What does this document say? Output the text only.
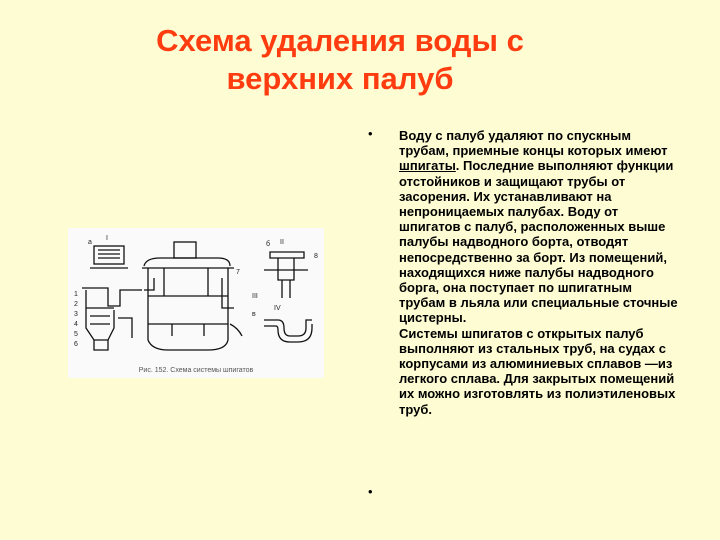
Схема удаления воды с
верхних палуб
I
II
III
IV
a	б
в
1
2
3
4
5
6
7
8
Рис. 152. Схема системы шпигатов
•
•

Воду с палуб удаляют по спускным трубам, приемные концы которых имеют шпигаты. Последние выполняют функции отстойников и защищают трубы от засорения. Их устанавливают на непроницаемых палубах. Воду от шпигатов с палуб, расположенных выше палубы надводного борта, отводят непосредственно за борт. Из помещений, находящихся ниже палубы надводного борга, она поступает по шпигатным трубам в льяла или специальные сточные цистерны.

Системы шпигатов с открытых палуб выполняют из стальных труб, на судах с корпусами из алюминиевых сплавов —из легкого сплава. Для закрытых помещений их можно изготовлять из полиэтиленовых труб.
